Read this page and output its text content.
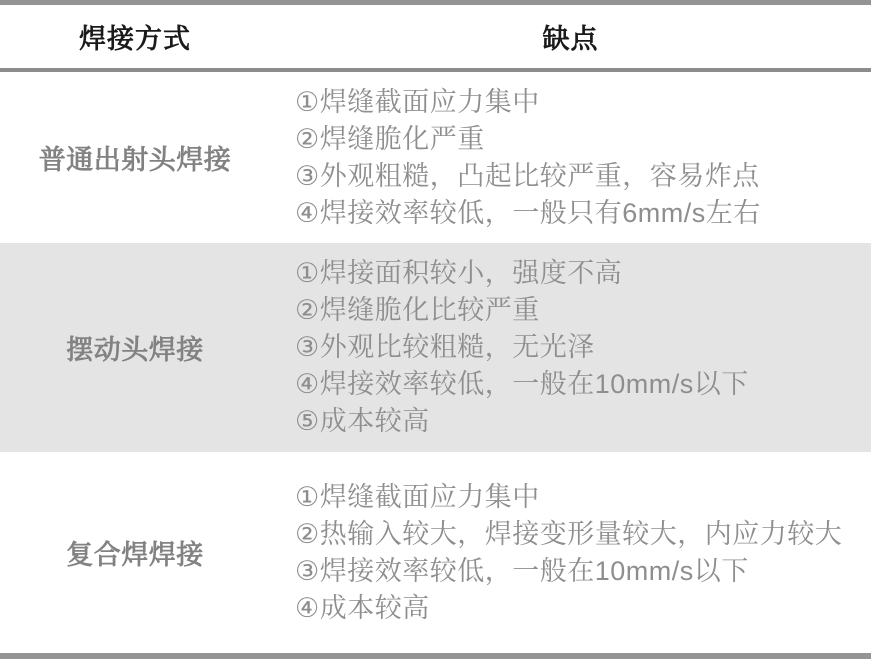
焊接方式	缺点
普通出射头焊接
①焊缝截面应力集中
②焊缝脆化严重
③外观粗糙，凸起比较严重，容易炸点
④焊接效率较低，一般只有6mm/s左右
摆动头焊接
①焊接面积较小，强度不高
②焊缝脆化比较严重
③外观比较粗糙，无光泽
④焊接效率较低，一般在10mm/s以下
⑤成本较高
复合焊焊接
①焊缝截面应力集中
②热输入较大，焊接变形量较大，内应力较大
③焊接效率较低，一般在10mm/s以下
④成本较高
